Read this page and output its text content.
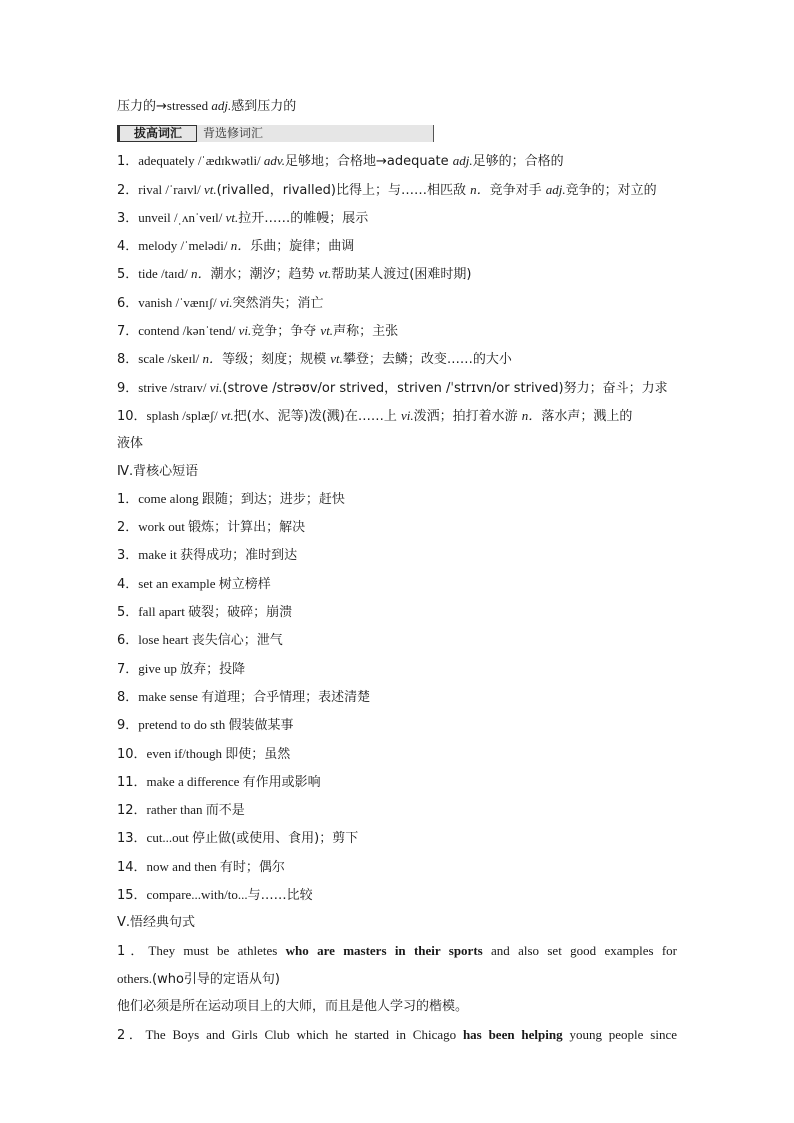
压力的→stressed adj.感到压力的
拔高词汇	背选修词汇
1．adequately /ˈædɪkwətli/ adv.足够地；合格地→adequate adj.足够的；合格的
2．rival /ˈraɪvl/ vt.(rivalled，rivalled)比得上；与……相匹敌 n．竞争对手 adj.竞争的；对立的
3．unveil /ˌʌnˈveɪl/ vt.拉开……的帷幔；展示
4．melody /ˈmelədi/ n．乐曲；旋律；曲调
5．tide /taɪd/ n．潮水；潮汐；趋势 vt.帮助某人渡过(困难时期)
6．vanish /ˈvænɪʃ/ vi.突然消失；消亡
7．contend /kənˈtend/ vi.竞争；争夺 vt.声称；主张
8．scale /skeɪl/ n．等级；刻度；规模 vt.攀登；去鳞；改变……的大小
9．strive /straɪv/ vi.(strove /strəʊv/or strived，striven /ˈstrɪvn/or strived)努力；奋斗；力求
10．splash /splæʃ/ vt.把(水、泥等)泼(溅)在……上 vi.泼洒；拍打着水游 n．落水声；溅上的
液体
Ⅳ.背核心短语
1．come along 跟随；到达；进步；赶快
2．work out 锻炼；计算出；解决
3．make it 获得成功；准时到达
4．set an example 树立榜样
5．fall apart 破裂；破碎；崩溃
6．lose heart 丧失信心；泄气
7．give up 放弃；投降
8．make sense 有道理；合乎情理；表述清楚
9．pretend to do sth 假装做某事
10．even if/though 即使；虽然
11．make a difference 有作用或影响
12．rather than 而不是
13．cut...out 停止做(或使用、食用)；剪下
14．now and then 有时；偶尔
15．compare...with/to...与……比较
Ⅴ.悟经典句式
1．They must be athletes who are masters in their sports and also set good examples for
others.(who引导的定语从句)
他们必须是所在运动项目上的大师，而且是他人学习的楷模。
2．The Boys and Girls Club which he started in Chicago has been helping young people since
